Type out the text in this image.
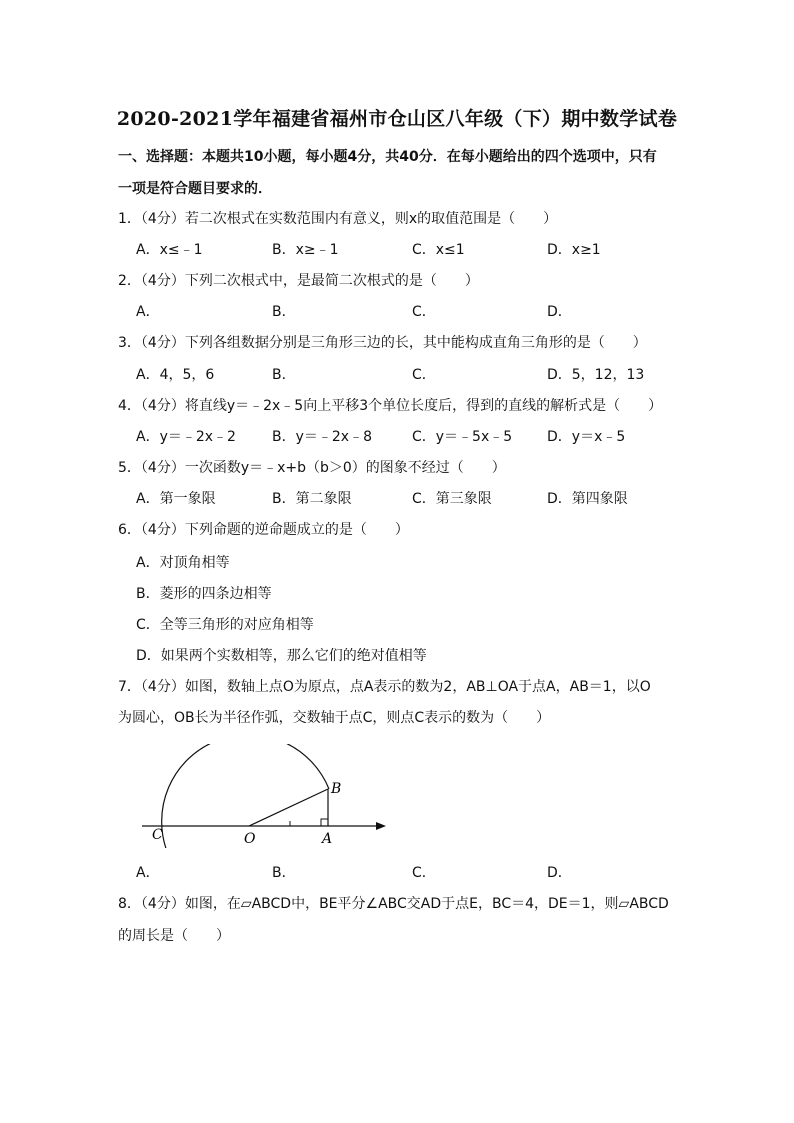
2020-2021学年福建省福州市仓山区八年级（下）期中数学试卷
一、选择题：本题共10小题，每小题4分，共40分．在每小题给出的四个选项中，只有
一项是符合题目要求的．
1．（4分）若二次根式在实数范围内有意义，则x的取值范围是（　　）
A．x≤﹣1	B．x≥﹣1	C．x≤1	D．x≥1
2．（4分）下列二次根式中，是最简二次根式的是（　　）
A．	B．	C．	D．
3．（4分）下列各组数据分别是三角形三边的长，其中能构成直角三角形的是（　　）
A．4，5，6	B．	C．	D．5，12，13
4．（4分）将直线y＝﹣2x﹣5向上平移3个单位长度后，得到的直线的解析式是（　　）
A．y＝﹣2x﹣2	B．y＝﹣2x﹣8	C．y＝﹣5x﹣5 D．y＝x﹣5
5．（4分）一次函数y＝﹣x+b（b＞0）的图象不经过（　　）
A．第一象限	B．第二象限	C．第三象限	D．第四象限
6．（4分）下列命题的逆命题成立的是（　　）
A．对顶角相等
B．菱形的四条边相等
C．全等三角形的对应角相等
D．如果两个实数相等，那么它们的绝对值相等
7．（4分）如图，数轴上点O为原点，点A表示的数为2，AB⊥OA于点A，AB＝1，以O
为圆心，OB长为半径作弧，交数轴于点C，则点C表示的数为（　　）
C	O	A
B
A．	B．	C．	D．
8．（4分）如图，在▱ABCD中，BE平分∠ABC交AD于点E，BC＝4，DE＝1，则▱ABCD
的周长是（　　）
